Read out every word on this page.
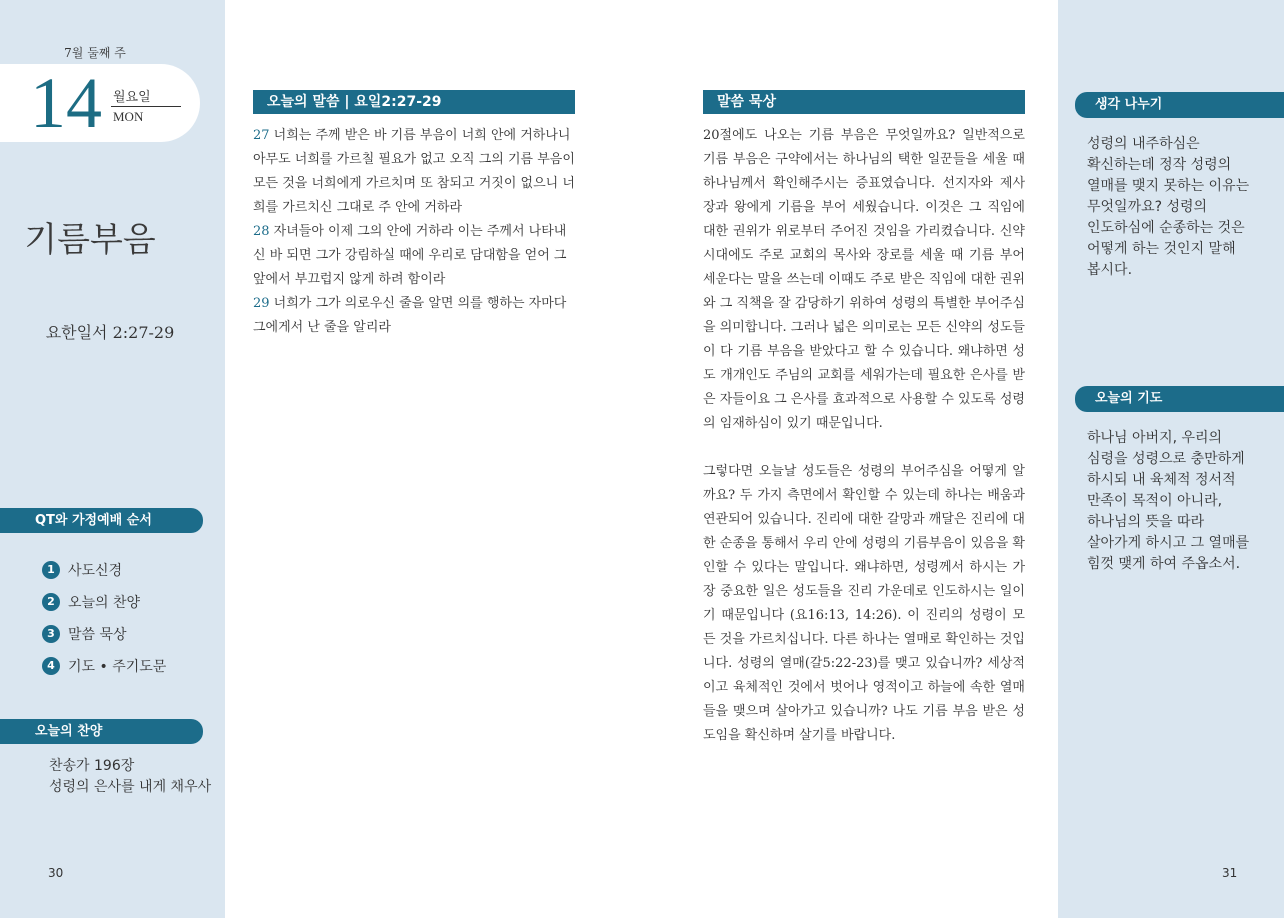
7월 둘째 주
14 월요일
MON
기름부음
요한일서 2:27-29
QT와 가정예배 순서
1 사도신경
2 오늘의 찬양
3 말씀 묵상
4 기도 • 주기도문
오늘의 찬양
찬송가 196장
성령의 은사를 내게 채우사
30
오늘의 말씀 | 요일2:27-29
27 너희는 주께 받은 바 기름 부음이 너희 안에 거하나니 아무도 너희를 가르칠 필요가 없고 오직 그의 기름 부음이 모든 것을 너희에게 가르치며 또 참되고 거짓이 없으니 너희를 가르치신 그대로 주 안에 거하라
28 자녀들아 이제 그의 안에 거하라 이는 주께서 나타내신 바 되면 그가 강림하실 때에 우리로 담대함을 얻어 그 앞에서 부끄럽지 않게 하려 함이라
29 너희가 그가 의로우신 줄을 알면 의를 행하는 자마다 그에게서 난 줄을 알리라
말씀 묵상

20절에도 나오는 기름 부음은 무엇일까요? 일반적으로 기름 부음은 구약에서는 하나님의 택한 일꾼들을 세울 때 하나님께서 확인해주시는 증표였습니다. 선지자와 제사장과 왕에게 기름을 부어 세웠습니다. 이것은 그 직임에 대한 권위가 위로부터 주어진 것임을 가리켰습니다. 신약시대에도 주로 교회의 목사와 장로를 세울 때 기름 부어 세운다는 말을 쓰는데 이때도 주로 받은 직임에 대한 권위와 그 직책을 잘 감당하기 위하여 성령의 특별한 부어주심을 의미합니다. 그러나 넓은 의미로는 모든 신약의 성도들이 다 기름 부음을 받았다고 할 수 있습니다. 왜냐하면 성도 개개인도 주님의 교회를 세워가는데 필요한 은사를 받은 자들이요 그 은사를 효과적으로 사용할 수 있도록 성령의 임재하심이 있기 때문입니다.

그렇다면 오늘날 성도들은 성령의 부어주심을 어떻게 알까요? 두 가지 측면에서 확인할 수 있는데 하나는 배움과 연관되어 있습니다. 진리에 대한 갈망과 깨달은 진리에 대한 순종을 통해서 우리 안에 성령의 기름부음이 있음을 확인할 수 있다는 말입니다. 왜냐하면, 성령께서 하시는 가장 중요한 일은 성도들을 진리 가운데로 인도하시는 일이기 때문입니다 (요16:13, 14:26). 이 진리의 성령이 모든 것을 가르치십니다. 다른 하나는 열매로 확인하는 것입니다. 성령의 열매(갈5:22-23)를 맺고 있습니까? 세상적이고 육체적인 것에서 벗어나 영적이고 하늘에 속한 열매들을 맺으며 살아가고 있습니까? 나도 기름 부음 받은 성도임을 확신하며 살기를 바랍니다.

생각 나누기
성령의 내주하심은
확신하는데 정작 성령의
열매를 맺지 못하는 이유는
무엇일까요? 성령의
인도하심에 순종하는 것은
어떻게 하는 것인지 말해
봅시다.
오늘의 기도
하나님 아버지, 우리의
심령을 성령으로 충만하게
하시되 내 육체적 정서적
만족이 목적이 아니라,
하나님의 뜻을 따라
살아가게 하시고 그 열매를
힘껏 맺게 하여 주옵소서.
31
